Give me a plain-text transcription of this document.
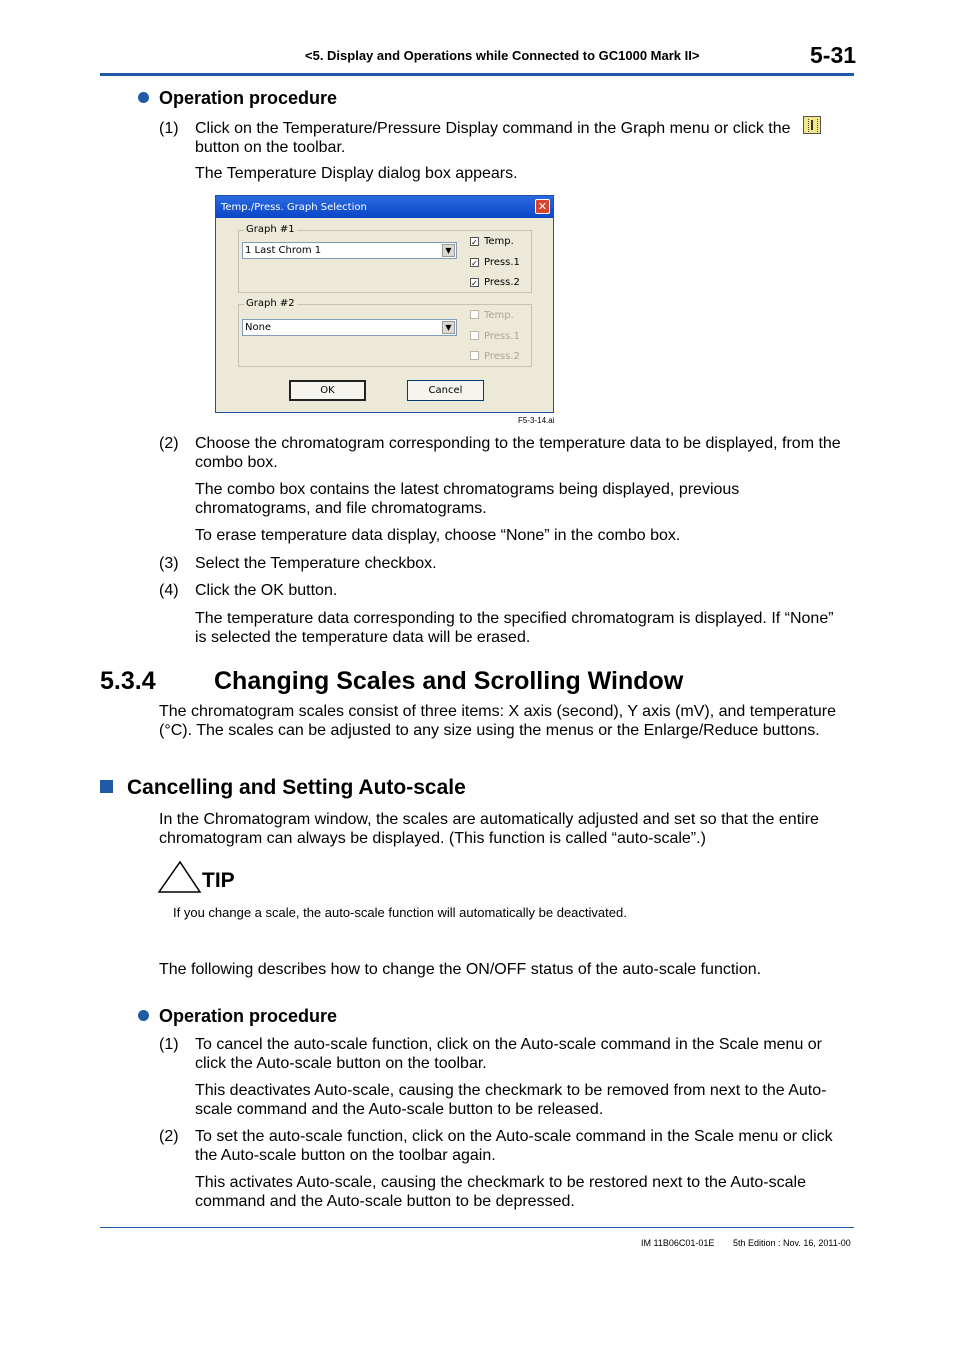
<5. Display and Operations while Connected to GC1000 Mark II>	5-31
Operation procedure
(1) Click on the Temperature/Pressure Display command in the Graph menu or click the
button on the toolbar.
The Temperature Display dialog box appears.
Temp./Press. Graph Selection	✕
Graph #1
1 Last Chrom 1	▼
✓ Temp.
✓ Press.1
✓ Press.2
Graph #2
None	▼
Temp.
Press.1
Press.2
OK	Cancel
F5-3-14.ai
(2) Choose the chromatogram corresponding to the temperature data to be displayed, from the
combo box.
The combo box contains the latest chromatograms being displayed, previous
chromatograms, and file chromatograms.
To erase temperature data display, choose “None” in the combo box.
(3) Select the Temperature checkbox.
(4) Click the OK button.
The temperature data corresponding to the specified chromatogram is displayed. If “None”
is selected the temperature data will be erased.
5.3.4 Changing Scales and Scrolling Window
The chromatogram scales consist of three items: X axis (second), Y axis (mV), and temperature
(°C). The scales can be adjusted to any size using the menus or the Enlarge/Reduce buttons.
Cancelling and Setting Auto-scale
In the Chromatogram window, the scales are automatically adjusted and set so that the entire
chromatogram can always be displayed. (This function is called “auto-scale”.)
TIP
If you change a scale, the auto-scale function will automatically be deactivated.
The following describes how to change the ON/OFF status of the auto-scale function.
Operation procedure
(1) To cancel the auto-scale function, click on the Auto-scale command in the Scale menu or
click the Auto-scale button on the toolbar.
This deactivates Auto-scale, causing the checkmark to be removed from next to the Auto-
scale command and the Auto-scale button to be released.
(2) To set the auto-scale function, click on the Auto-scale command in the Scale menu or click
the Auto-scale button on the toolbar again.
This activates Auto-scale, causing the checkmark to be restored next to the Auto-scale
command and the Auto-scale button to be depressed.
IM 11B06C01-01E 5th Edition : Nov. 16, 2011-00
